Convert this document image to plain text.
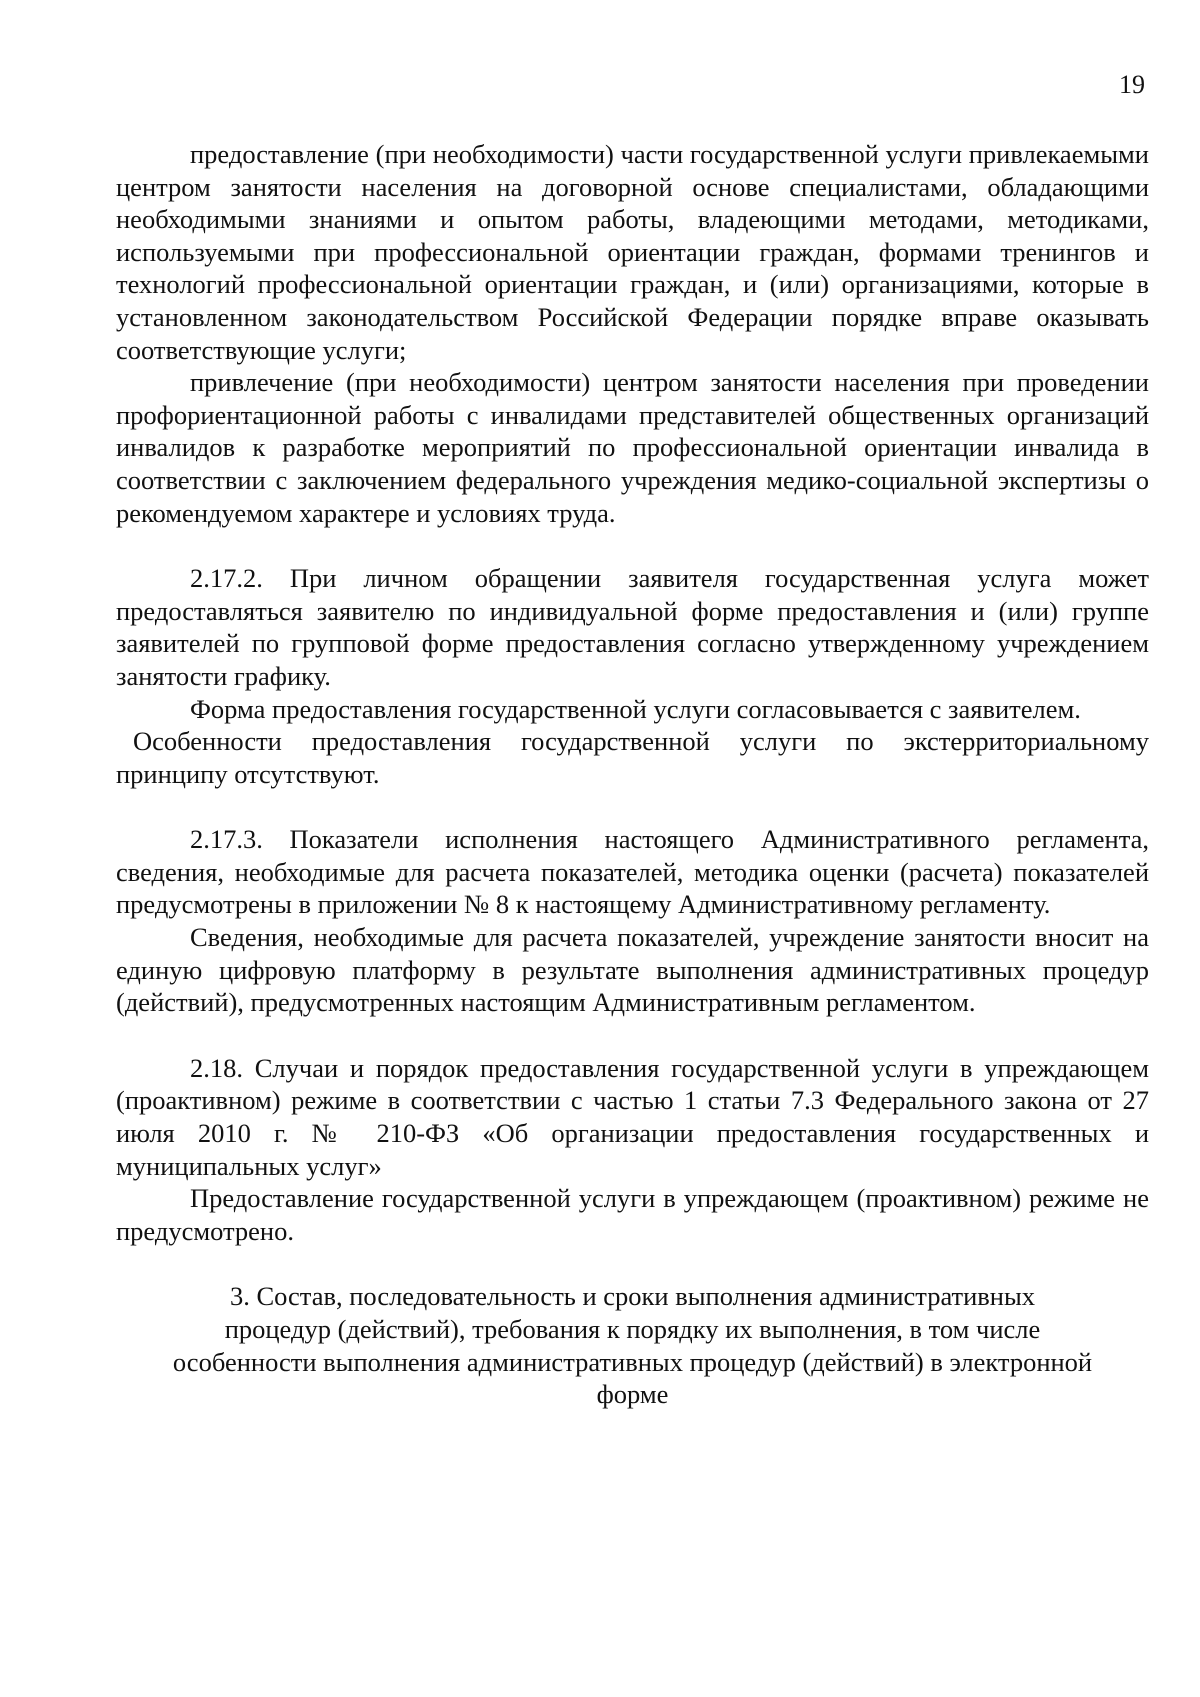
19

предоставление (при необходимости) части государственной услуги привлекаемыми центром занятости населения на договорной основе специалистами, обладающими необходимыми знаниями и опытом работы, владеющими методами, методиками, используемыми при профессиональной ориентации граждан, формами тренингов и технологий профессиональной ориентации граждан, и (или) организациями, которые в установленном законодательством Российской Федерации порядке вправе оказывать соответствующие услуги;

привлечение (при необходимости) центром занятости населения при проведении профориентационной работы с инвалидами представителей общественных организаций инвалидов к разработке мероприятий по профессиональной ориентации инвалида в соответствии с заключением федерального учреждения медико-социальной экспертизы о рекомендуемом характере и условиях труда.

2.17.2. При личном обращении заявителя государственная услуга может предоставляться заявителю по индивидуальной форме предоставления и (или) группе заявителей по групповой форме предоставления согласно утвержденному учреждением занятости графику.

Форма предоставления государственной услуги согласовывается с заявителем.

Особенности предоставления государственной услуги по экстерриториальному принципу отсутствуют.

2.17.3. Показатели исполнения настоящего Административного регламента, сведения, необходимые для расчета показателей, методика оценки (расчета) показателей предусмотрены в приложении № 8 к настоящему Административному регламенту.

Сведения, необходимые для расчета показателей, учреждение занятости вносит на единую цифровую платформу в результате выполнения административных процедур (действий), предусмотренных настоящим Административным регламентом.

2.18. Случаи и порядок предоставления государственной услуги в упреждающем (проактивном) режиме в соответствии с частью 1 статьи 7.3 Федерального закона от 27 июля 2010 г. № 210-ФЗ «Об организации предоставления государственных и муниципальных услуг»

Предоставление государственной услуги в упреждающем (проактивном) режиме не предусмотрено.

3. Состав, последовательность и сроки выполнения административных
процедур (действий), требования к порядку их выполнения, в том числе
особенности выполнения административных процедур (действий) в электронной
форме
